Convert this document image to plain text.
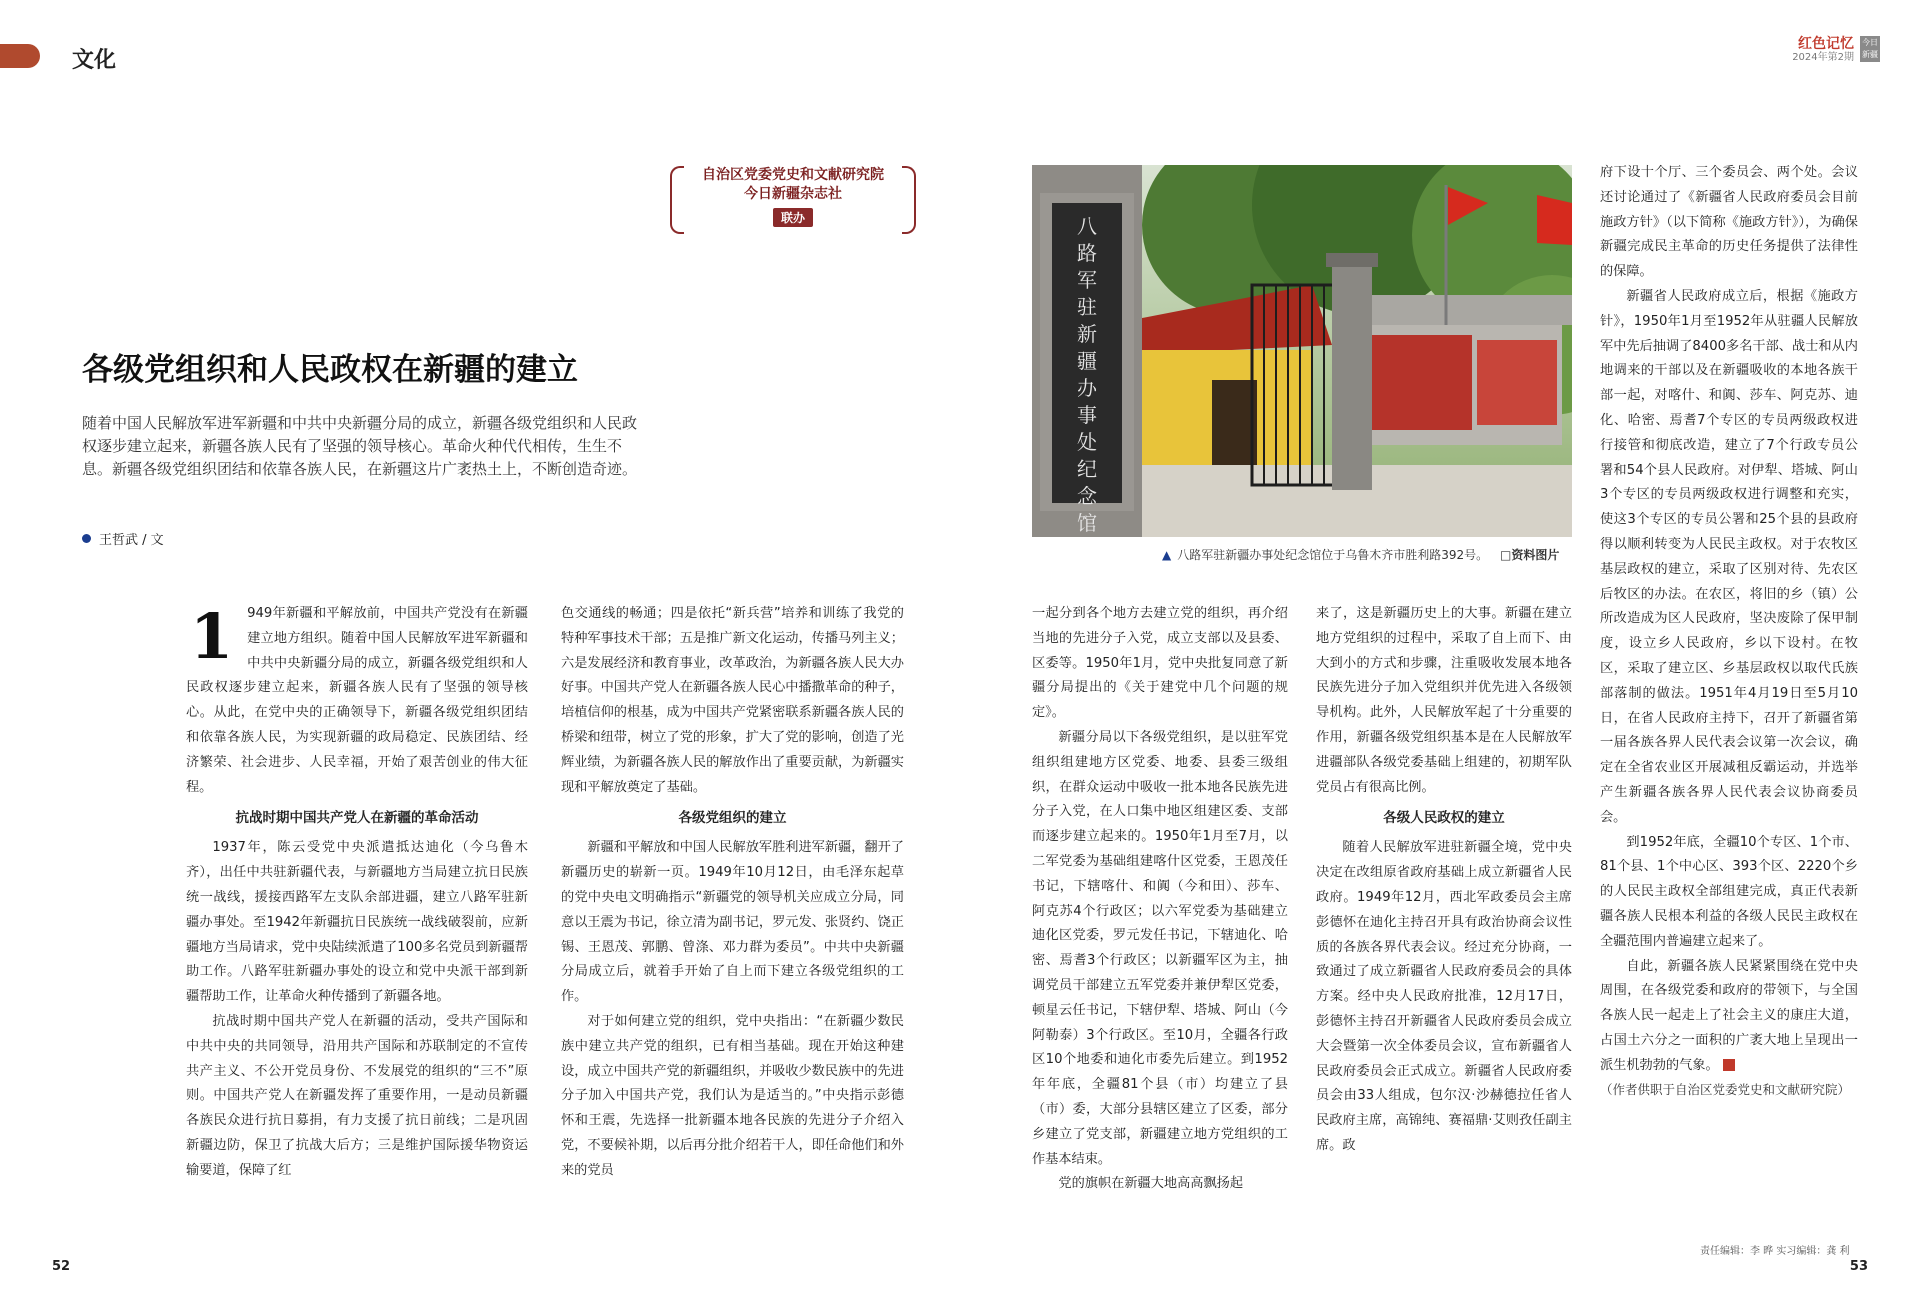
文化
红色记忆
2024年第2期
今日新疆
自治区党委党史和文献研究院
今日新疆杂志社
联办
各级党组织和人民政权在新疆的建立
随着中国人民解放军进军新疆和中共中央新疆分局的成立，新疆各级党组织和人民政权逐步建立起来，新疆各族人民有了坚强的领导核心。革命火种代代相传，生生不息。新疆各级党组织团结和依靠各族人民，在新疆这片广袤热土上，不断创造奇迹。
王哲武 / 文
1	949年新疆和平解放前，中国共产党没有在新疆建立地方组织。随着中国人民解放军进军新疆和中共中央新疆分局的成立，新疆各级党组织和人民政权逐步建立起来，新疆各族人民有了坚强的领导核心。从此，在党中央的正确领导下，新疆各级党组织团结和依靠各族人民，为实现新疆的政局稳定、民族团结、经济繁荣、社会进步、人民幸福，开始了艰苦创业的伟大征程。

抗战时期中国共产党人在新疆的革命活动

1937年，陈云受党中央派遣抵达迪化（今乌鲁木齐），出任中共驻新疆代表，与新疆地方当局建立抗日民族统一战线，援接西路军左支队余部进疆，建立八路军驻新疆办事处。至1942年新疆抗日民族统一战线破裂前，应新疆地方当局请求，党中央陆续派遣了100多名党员到新疆帮助工作。八路军驻新疆办事处的设立和党中央派干部到新疆帮助工作，让革命火种传播到了新疆各地。

抗战时期中国共产党人在新疆的活动，受共产国际和中共中央的共同领导，沿用共产国际和苏联制定的不宣传共产主义、不公开党员身份、不发展党的组织的“三不”原则。中国共产党人在新疆发挥了重要作用，一是动员新疆各族民众进行抗日募捐，有力支援了抗日前线；二是巩固新疆边防，保卫了抗战大后方；三是维护国际援华物资运输要道，保障了红

色交通线的畅通；四是依托“新兵营”培养和训练了我党的特种军事技术干部；五是推广新文化运动，传播马列主义；六是发展经济和教育事业，改革政治，为新疆各族人民大办好事。中国共产党人在新疆各族人民心中播撒革命的种子，培植信仰的根基，成为中国共产党紧密联系新疆各族人民的桥梁和纽带，树立了党的形象，扩大了党的影响，创造了光辉业绩，为新疆各族人民的解放作出了重要贡献，为新疆实现和平解放奠定了基础。

各级党组织的建立

新疆和平解放和中国人民解放军胜利进军新疆，翻开了新疆历史的崭新一页。1949年10月12日，由毛泽东起草的党中央电文明确指示“新疆党的领导机关应成立分局，同意以王震为书记，徐立清为副书记，罗元发、张贤约、饶正锡、王恩茂、郭鹏、曾涤、邓力群为委员”。中共中央新疆分局成立后，就着手开始了自上而下建立各级党组织的工作。

对于如何建立党的组织，党中央指出：“在新疆少数民族中建立共产党的组织，已有相当基础。现在开始这种建设，成立中国共产党的新疆组织，并吸收少数民族中的先进分子加入中国共产党，我们认为是适当的。”中央指示彭德怀和王震，先选择一批新疆本地各民族的先进分子介绍入党，不要候补期，以后再分批介绍若干人，即任命他们和外来的党员

八路军驻新疆办事处纪念馆
▲ 八路军驻新疆办事处纪念馆位于乌鲁木齐市胜利路392号。 □资料图片

一起分到各个地方去建立党的组织，再介绍当地的先进分子入党，成立支部以及县委、区委等。1950年1月，党中央批复同意了新疆分局提出的《关于建党中几个问题的规定》。

新疆分局以下各级党组织，是以驻军党组织组建地方区党委、地委、县委三级组织，在群众运动中吸收一批本地各民族先进分子入党，在人口集中地区组建区委、支部而逐步建立起来的。1950年1月至7月，以二军党委为基础组建喀什区党委，王恩茂任书记，下辖喀什、和阗（今和田）、莎车、阿克苏4个行政区；以六军党委为基础建立迪化区党委，罗元发任书记，下辖迪化、哈密、焉耆3个行政区；以新疆军区为主，抽调党员干部建立五军党委并兼伊犁区党委，顿星云任书记，下辖伊犁、塔城、阿山（今阿勒泰）3个行政区。至10月，全疆各行政区10个地委和迪化市委先后建立。到1952年年底，全疆81个县（市）均建立了县（市）委，大部分县辖区建立了区委，部分乡建立了党支部，新疆建立地方党组织的工作基本结束。

党的旗帜在新疆大地高高飘扬起

来了，这是新疆历史上的大事。新疆在建立地方党组织的过程中，采取了自上而下、由大到小的方式和步骤，注重吸收发展本地各民族先进分子加入党组织并优先进入各级领导机构。此外，人民解放军起了十分重要的作用，新疆各级党组织基本是在人民解放军进疆部队各级党委基础上组建的，初期军队党员占有很高比例。

各级人民政权的建立

随着人民解放军进驻新疆全境，党中央决定在改组原省政府基础上成立新疆省人民政府。1949年12月，西北军政委员会主席彭德怀在迪化主持召开具有政治协商会议性质的各族各界代表会议。经过充分协商，一致通过了成立新疆省人民政府委员会的具体方案。经中央人民政府批准，12月17日，彭德怀主持召开新疆省人民政府委员会成立大会暨第一次全体委员会议，宣布新疆省人民政府委员会正式成立。新疆省人民政府委员会由33人组成，包尔汉·沙赫德拉任省人民政府主席，高锦纯、赛福鼎·艾则孜任副主席。政

府下设十个厅、三个委员会、两个处。会议还讨论通过了《新疆省人民政府委员会目前施政方针》（以下简称《施政方针》），为确保新疆完成民主革命的历史任务提供了法律性的保障。

新疆省人民政府成立后，根据《施政方针》，1950年1月至1952年从驻疆人民解放军中先后抽调了8400多名干部、战士和从内地调来的干部以及在新疆吸收的本地各族干部一起，对喀什、和阗、莎车、阿克苏、迪化、哈密、焉耆7个专区的专员两级政权进行接管和彻底改造，建立了7个行政专员公署和54个县人民政府。对伊犁、塔城、阿山3个专区的专员两级政权进行调整和充实，使这3个专区的专员公署和25个县的县政府得以顺利转变为人民民主政权。对于农牧区基层政权的建立，采取了区别对待、先农区后牧区的办法。在农区，将旧的乡（镇）公所改造成为区人民政府，坚决废除了保甲制度，设立乡人民政府，乡以下设村。在牧区，采取了建立区、乡基层政权以取代氏族部落制的做法。1951年4月19日至5月10日，在省人民政府主持下，召开了新疆省第一届各族各界人民代表会议第一次会议，确定在全省农业区开展减租反霸运动，并选举产生新疆各族各界人民代表会议协商委员会。

到1952年底，全疆10个专区、1个市、81个县、1个中心区、393个区、2220个乡的人民民主政权全部组建完成，真正代表新疆各族人民根本利益的各级人民民主政权在全疆范围内普遍建立起来了。

自此，新疆各族人民紧紧围绕在党中央周围，在各级党委和政府的带领下，与全国各族人民一起走上了社会主义的康庄大道，占国土六分之一面积的广袤大地上呈现出一派生机勃勃的气象。

（作者供职于自治区党委党史和文献研究院）

52	53
责任编辑：李 晔 实习编辑：龚 利
